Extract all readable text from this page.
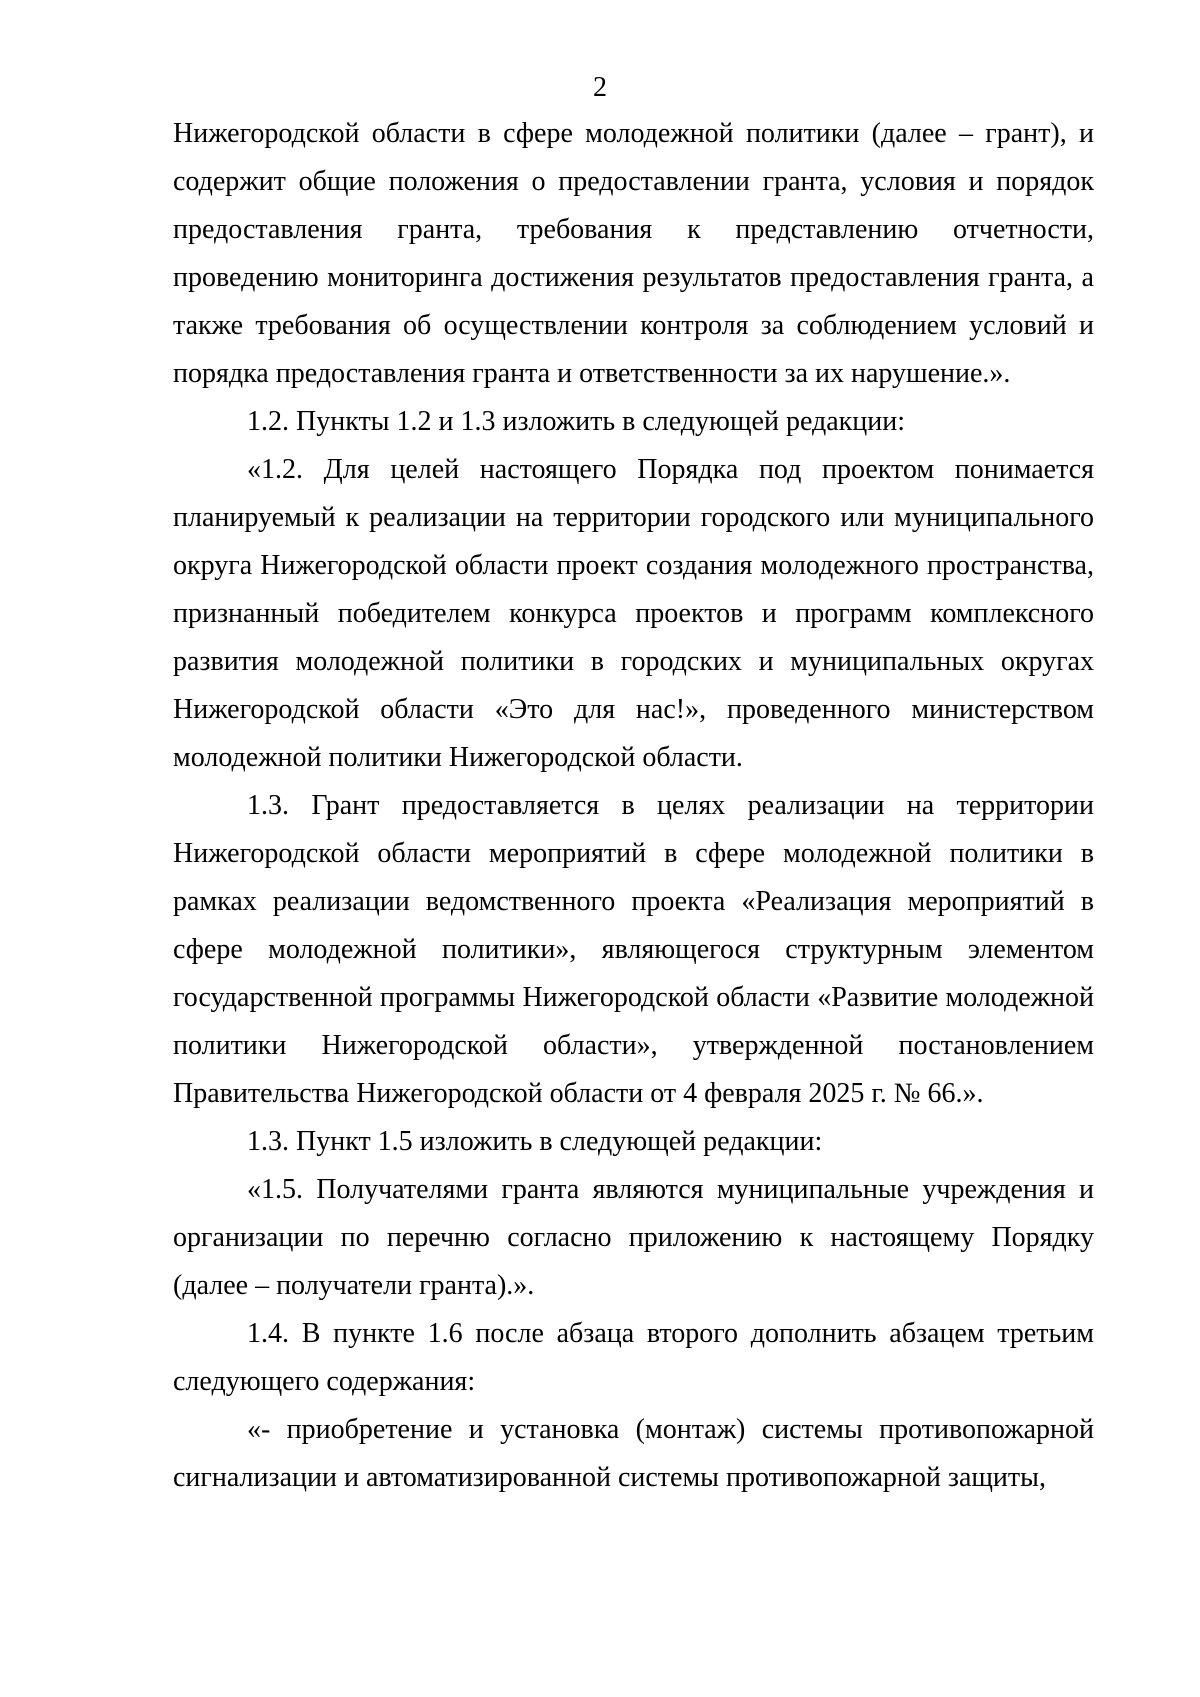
2

Нижегородской области в сфере молодежной политики (далее – грант), и содержит общие положения о предоставлении гранта, условия и порядок предоставления гранта, требования к представлению отчетности, проведению мониторинга достижения результатов предоставления гранта, а также требования об осуществлении контроля за соблюдением условий и порядка предоставления гранта и ответственности за их нарушение.».

1.2. Пункты 1.2 и 1.3 изложить в следующей редакции:

«1.2. Для целей настоящего Порядка под проектом понимается планируемый к реализации на территории городского или муниципального округа Нижегородской области проект создания молодежного пространства, признанный победителем конкурса проектов и программ комплексного развития молодежной политики в городских и муниципальных округах Нижегородской области «Это для нас!», проведенного министерством молодежной политики Нижегородской области.

1.3. Грант предоставляется в целях реализации на территории Нижегородской области мероприятий в сфере молодежной политики в рамках реализации ведомственного проекта «Реализация мероприятий в сфере молодежной политики», являющегося структурным элементом государственной программы Нижегородской области «Развитие молодежной политики Нижегородской области», утвержденной постановлением Правительства Нижегородской области от 4 февраля 2025 г. № 66.».

1.3. Пункт 1.5 изложить в следующей редакции:

«1.5. Получателями гранта являются муниципальные учреждения и организации по перечню согласно приложению к настоящему Порядку (далее – получатели гранта).».

1.4. В пункте 1.6 после абзаца второго дополнить абзацем третьим следующего содержания:

«- приобретение и установка (монтаж) системы противопожарной сигнализации и автоматизированной системы противопожарной защиты,
